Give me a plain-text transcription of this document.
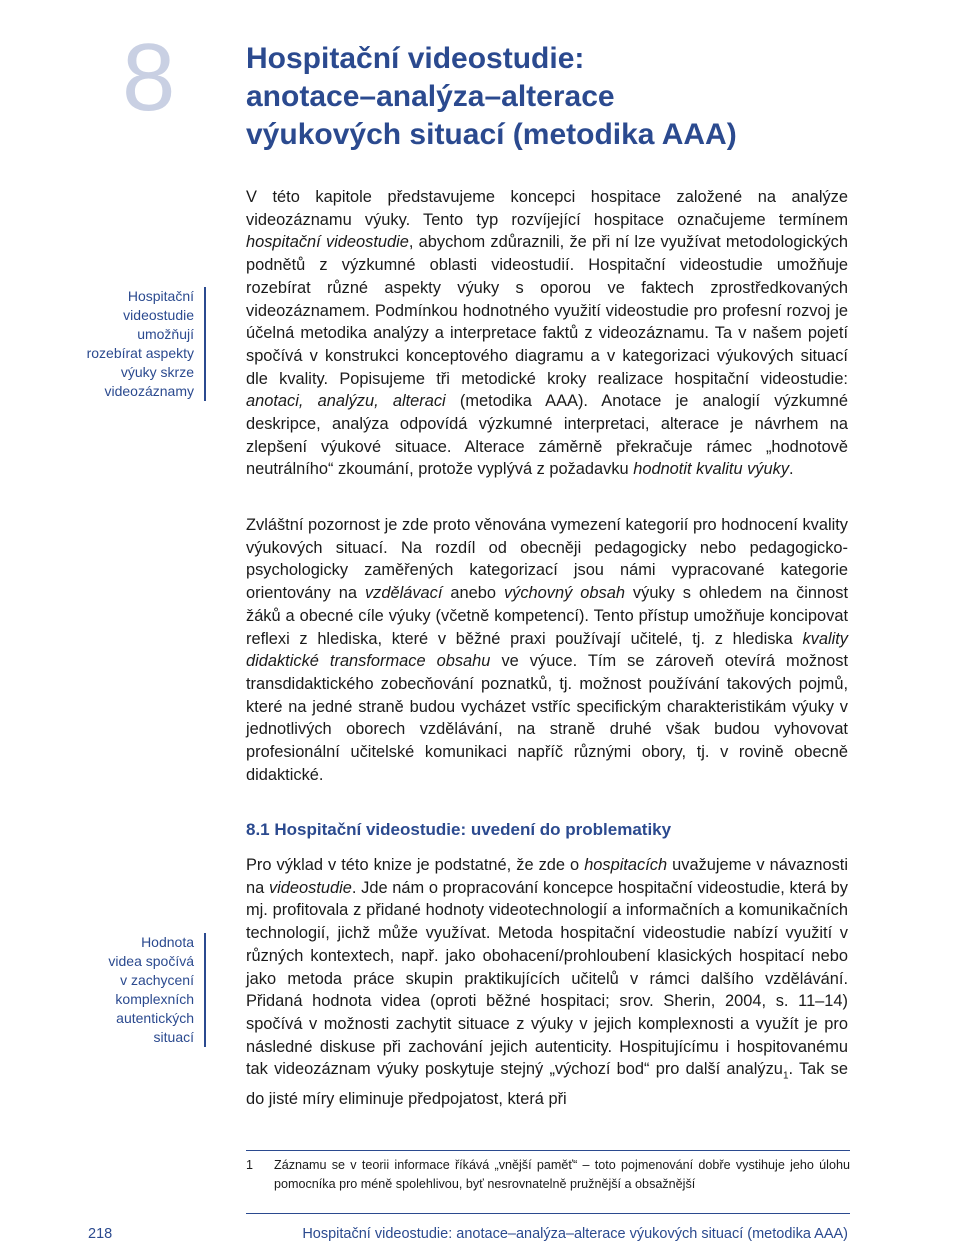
8 Hospitační videostudie:
anotace–analýza–alterace
výukových situací (metodika AAA)
Hospitační
videostudie
umožňují
rozebírat aspekty
výuky skrze
videozáznamy
Hodnota
videa spočívá
v zachycení
komplexních
autentických
situací

V této kapitole představujeme koncepci hospitace založené na analýze videozáznamu výuky. Tento typ rozvíjející hospitace označujeme termínem hospitační videostudie, abychom zdůraznili, že při ní lze využívat metodologických podnětů z výzkumné oblasti videostudií. Hospitační videostudie umožňuje rozebírat různé aspekty výuky s oporou ve faktech zprostředkovaných videozáznamem. Podmínkou hodnotného využití videostudie pro profesní rozvoj je účelná metodika analýzy a interpretace faktů z videozáznamu. Ta v našem pojetí spočívá v konstrukci konceptového diagramu a v kategorizaci výukových situací dle kvality. Popisujeme tři metodické kroky realizace hospitační videostudie: anotaci, analýzu, alteraci (metodika AAA). Anotace je analogií výzkumné deskripce, analýza odpovídá výzkumné interpretaci, alterace je návrhem na zlepšení výukové situace. Alterace záměrně překračuje rámec „hodnotově neutrálního“ zkoumání, protože vyplývá z požadavku hodnotit kvalitu výuky.

Zvláštní pozornost je zde proto věnována vymezení kategorií pro hodnocení kvality výukových situací. Na rozdíl od obecněji pedagogicky nebo pedagogicko-psychologicky zaměřených kategorizací jsou námi vypracované kategorie orientovány na vzdělávací anebo výchovný obsah výuky s ohledem na činnost žáků a obecné cíle výuky (včetně kompetencí). Tento přístup umožňuje koncipovat reflexi z hlediska, které v běžné praxi používají učitelé, tj. z hlediska kvality didaktické transformace obsahu ve výuce. Tím se zároveň otevírá možnost transdidaktického zobecňování poznatků, tj. možnost používání takových pojmů, které na jedné straně budou vycházet vstříc specifickým charakteristikám výuky v jednotlivých oborech vzdělávání, na straně druhé však budou vyhovovat profesionální učitelské komunikaci napříč různými obory, tj. v rovině obecně didaktické.

8.1 Hospitační videostudie: uvedení do problematiky

Pro výklad v této knize je podstatné, že zde o hospitacích uvažujeme v návaznosti na videostudie. Jde nám o propracování koncepce hospitační videostudie, která by mj. profitovala z přidané hodnoty videotechnologií a informačních a komunikačních technologií, jichž může využívat. Metoda hospitační videostudie nabízí využití v různých kontextech, např. jako obohacení/prohloubení klasických hospitací nebo jako metoda práce skupin praktikujících učitelů v rámci dalšího vzdělávání. Přidaná hodnota videa (oproti běžné hospitaci; srov. Sherin, 2004, s. 11–14) spočívá v možnosti zachytit situace z výuky v jejich komplexnosti a využít je pro následné diskuse při zachování jejich autenticity. Hospitujícímu i hospitovanému tak videozáznam výuky poskytuje stejný „výchozí bod“ pro další analýzu$_1$. Tak se do jisté míry eliminuje předpojatost, která při

1 Záznamu se v teorii informace říkává „vnější paměť“ – toto pojmenování dobře vystihuje jeho úlohu pomocníka pro méně spolehlivou, byť nesrovnatelně pružnější a obsažnější
218	Hospitační videostudie: anotace–analýza–alterace výukových situací (metodika AAA)
